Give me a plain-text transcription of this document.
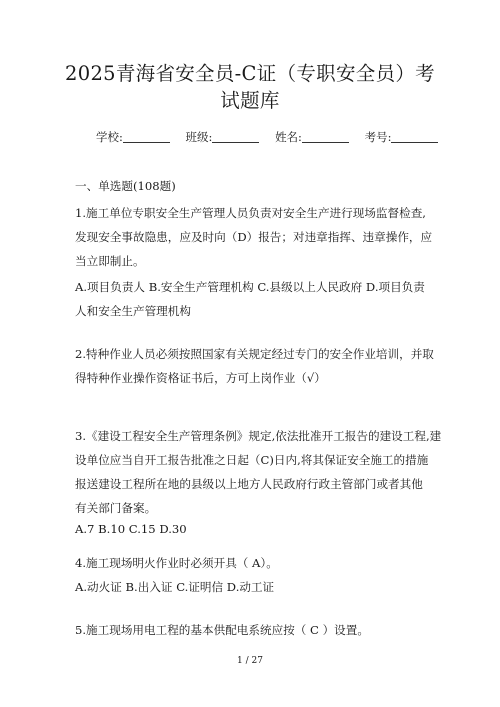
2025青海省安全员-C证（专职安全员）考
试题库
学校:	班级:	姓名:	考号:
一、单选题(108题)
1.施工单位专职安全生产管理人员负责对安全生产进行现场监督检查,
发现安全事故隐患，应及时向（D）报告；对违章指挥、违章操作，应
当立即制止。
A.项目负责人 B.安全生产管理机构 C.县级以上人民政府 D.项目负责
人和安全生产管理机构
2.特种作业人员必须按照国家有关规定经过专门的安全作业培训，并取
得特种作业操作资格证书后，方可上岗作业（√）
3.《建设工程安全生产管理条例》规定,依法批准开工报告的建设工程,建
设单位应当自开工报告批准之日起（C)日内,将其保证安全施工的措施
报送建设工程所在地的县级以上地方人民政府行政主管部门或者其他
有关部门备案。
A.7 B.10 C.15 D.30
4.施工现场明火作业时必须开具（ A）。
A.动火证 B.出入证 C.证明信 D.动工证
5.施工现场用电工程的基本供配电系统应按（ C ）设置。
1 / 27
